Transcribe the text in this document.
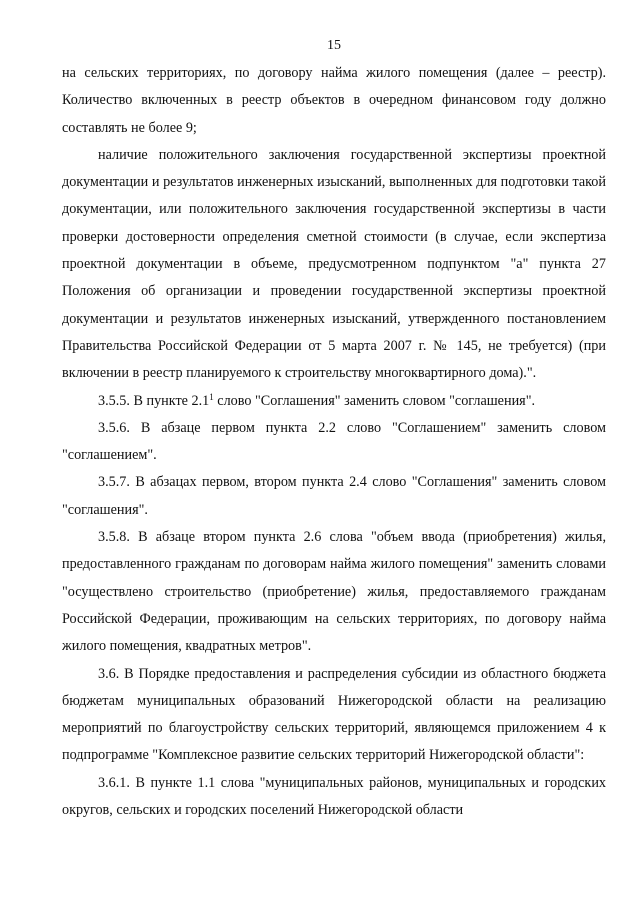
15

на сельских территориях, по договору найма жилого помещения (далее – реестр). Количество включенных в реестр объектов в очередном финансовом году должно составлять не более 9;

наличие положительного заключения государственной экспертизы проектной документации и результатов инженерных изысканий, выполненных для подготовки такой документации, или положительного заключения государственной экспертизы в части проверки достоверности определения сметной стоимости (в случае, если экспертиза проектной документации в объеме, предусмотренном подпунктом "а" пункта 27 Положения об организации и проведении государственной экспертизы проектной документации и результатов инженерных изысканий, утвержденного постановлением Правительства Российской Федерации от 5 марта 2007 г. № 145, не требуется) (при включении в реестр планируемого к строительству многоквартирного дома).".

3.5.5. В пункте $2.1^1$ слово "Соглашения" заменить словом "соглашения".

3.5.6. В абзаце первом пункта 2.2 слово "Соглашением" заменить словом "соглашением".

3.5.7. В абзацах первом, втором пункта 2.4 слово "Соглашения" заменить словом "соглашения".

3.5.8. В абзаце втором пункта 2.6 слова "объем ввода (приобретения) жилья, предоставленного гражданам по договорам найма жилого помещения" заменить словами "осуществлено строительство (приобретение) жилья, предоставляемого гражданам Российской Федерации, проживающим на сельских территориях, по договору найма жилого помещения, квадратных метров".

3.6. В Порядке предоставления и распределения субсидии из областного бюджета бюджетам муниципальных образований Нижегородской области на реализацию мероприятий по благоустройству сельских территорий, являющемся приложением 4 к подпрограмме "Комплексное развитие сельских территорий Нижегородской области":

3.6.1. В пункте 1.1 слова "муниципальных районов, муниципальных и городских округов, сельских и городских поселений Нижегородской области
